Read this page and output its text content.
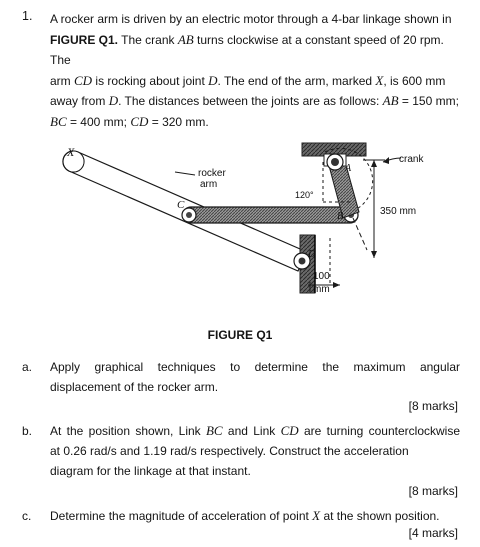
1. A rocker arm is driven by an electric motor through a 4-bar linkage shown in

FIGURE Q1. The crank AB turns clockwise at a constant speed of 20 rpm. The

arm CD is rocking about joint D. The end of the arm, marked X, is 600 mm

away from D. The distances between the joints are as follows: AB = 150 mm;

BC = 400 mm; CD = 320 mm.

X
C
A
B
D
rocker
arm
crank
120°
350 mm
100
mm
FIGURE Q1
a. Apply graphical techniques to determine the maximum angular
displacement of the rocker arm.
[8 marks]
b. At the position shown, Link BC and Link CD are turning counterclockwise
at 0.26 rad/s and 1.19 rad/s respectively. Construct the acceleration
diagram for the linkage at that instant.
[8 marks]
c. Determine the magnitude of acceleration of point X at the shown position.
[4 marks]
